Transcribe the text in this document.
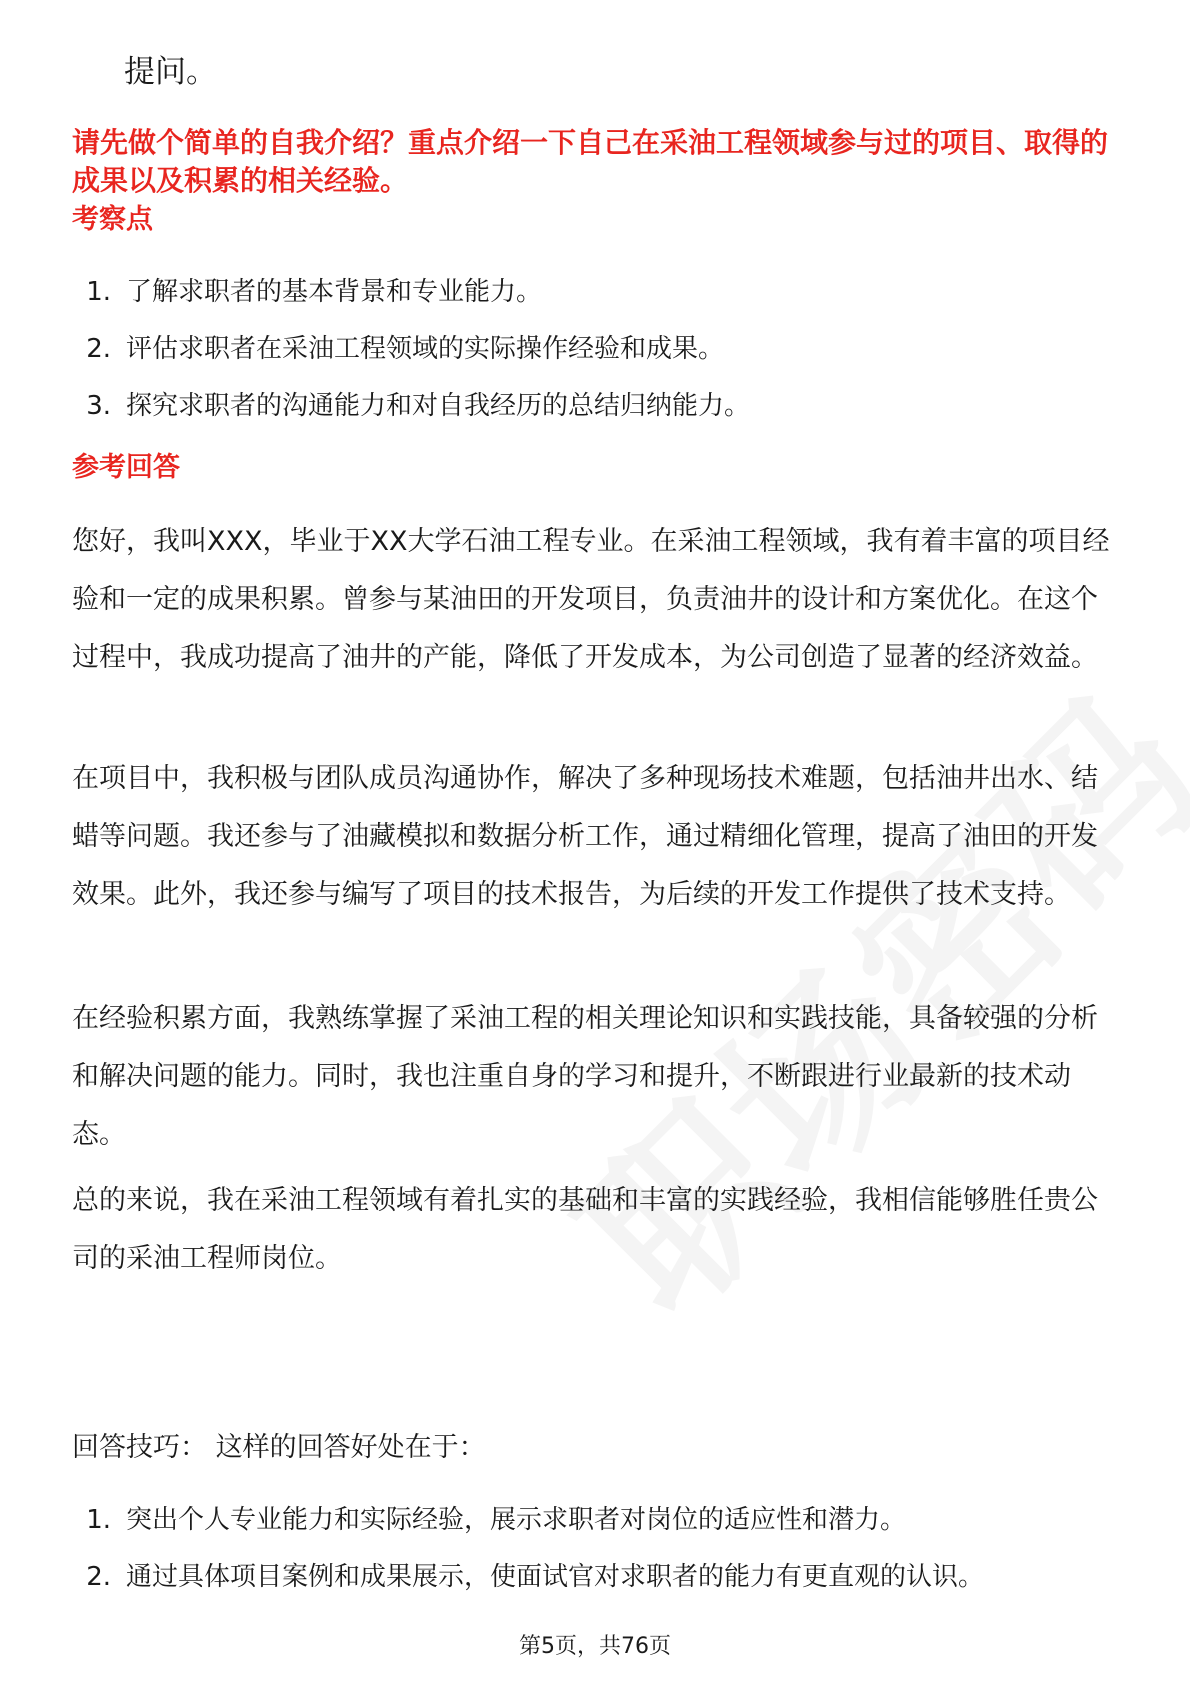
提问。

请先做个简单的自我介绍？重点介绍一下自己在采油工程领域参与过的项目、取得的成果以及积累的相关经验。

考察点
1. 了解求职者的基本背景和专业能力。
2. 评估求职者在采油工程领域的实际操作经验和成果。
3. 探究求职者的沟通能力和对自我经历的总结归纳能力。
参考回答

您好，我叫XXX，毕业于XX大学石油工程专业。在采油工程领域，我有着丰富的项目经验和一定的成果积累。曾参与某油田的开发项目，负责油井的设计和方案优化。在这个过程中，我成功提高了油井的产能，降低了开发成本，为公司创造了显著的经济效益。

在项目中，我积极与团队成员沟通协作，解决了多种现场技术难题，包括油井出水、结蜡等问题。我还参与了油藏模拟和数据分析工作，通过精细化管理，提高了油田的开发效果。此外，我还参与编写了项目的技术报告，为后续的开发工作提供了技术支持。

在经验积累方面，我熟练掌握了采油工程的相关理论知识和实践技能，具备较强的分析和解决问题的能力。同时，我也注重自身的学习和提升，不断跟进行业最新的技术动态。

总的来说，我在采油工程领域有着扎实的基础和丰富的实践经验，我相信能够胜任贵公司的采油工程师岗位。

回答技巧： 这样的回答好处在于：

1. 突出个人专业能力和实际经验，展示求职者对岗位的适应性和潜力。
2. 通过具体项目案例和成果展示，使面试官对求职者的能力有更直观的认识。
第5页，共76页
